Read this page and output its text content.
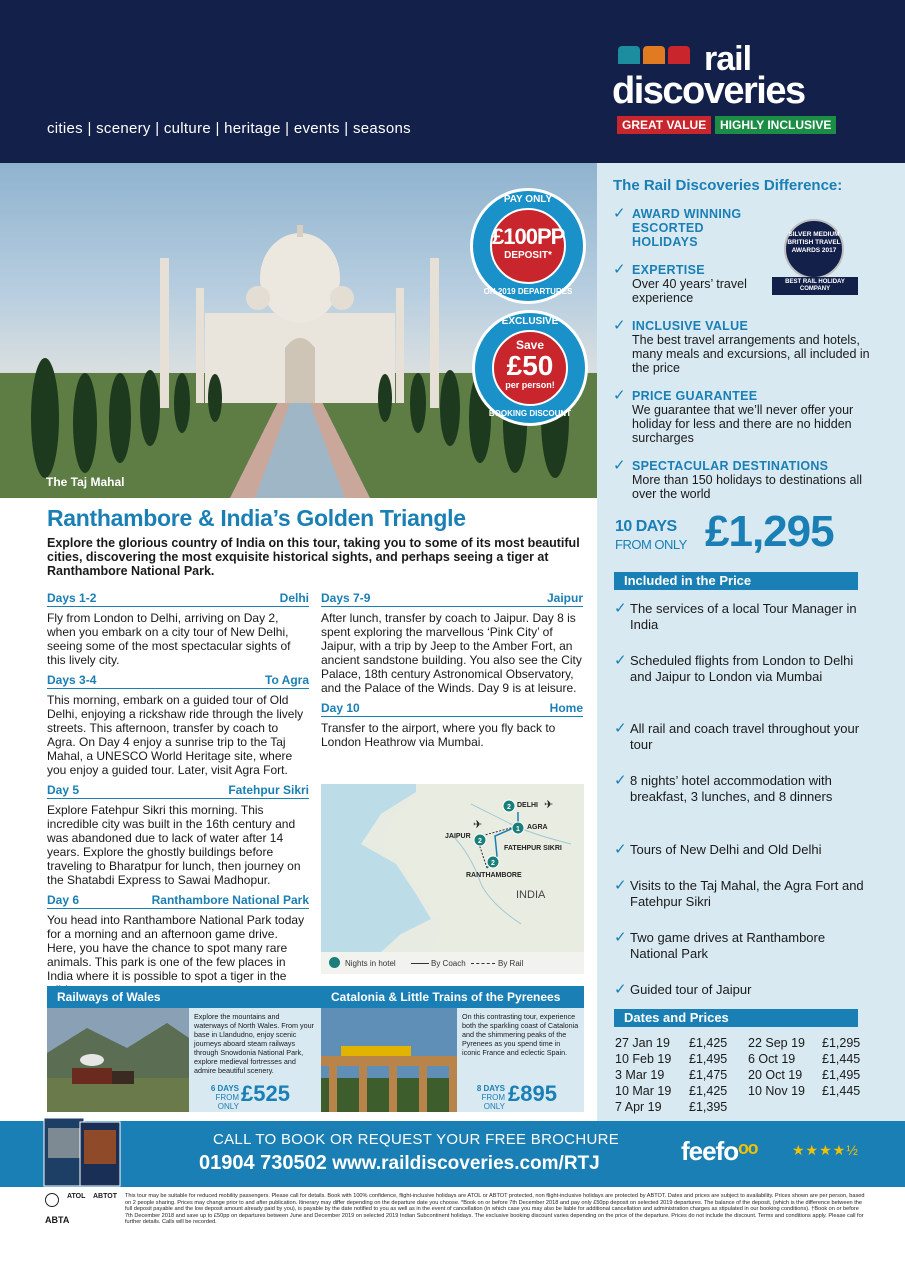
cities | scenery | culture | heritage | events | seasons
rail
discoveries
GREAT VALUE	HIGHLY INCLUSIVE
The Taj Mahal
PAY ONLY
£100PP
DEPOSIT*
ON 2019 DEPARTURES
EXCLUSIVE
Save
£50
per person!
BOOKING DISCOUNT
The Rail Discoveries Difference:
✓ AWARD WINNING ESCORTED HOLIDAYS
SILVER MEDIUM BRITISH TRAVEL AWARDS 2017
BEST RAIL HOLIDAY COMPANY
✓ EXPERTISE
Over 40 years’ travel experience
✓ INCLUSIVE VALUE
The best travel arrangements and hotels, many meals and excursions, all included in the price
✓ PRICE GUARANTEE
We guarantee that we’ll never offer your holiday for less and there are no hidden surcharges
✓ SPECTACULAR DESTINATIONS
More than 150 holidays to destinations all over the world
10 DAYS
FROM ONLY £1,295
Included in the Price
✓ The services of a local Tour Manager in India
✓ Scheduled flights from London to Delhi and Jaipur to London via Mumbai
✓ All rail and coach travel throughout your tour
✓ 8 nights’ hotel accommodation with breakfast, 3 lunches, and 8 dinners
✓ Tours of New Delhi and Old Delhi
✓ Visits to the Taj Mahal, the Agra Fort and Fatehpur Sikri
✓ Two game drives at Ranthambore National Park
✓ Guided tour of Jaipur
Dates and Prices
27 Jan 19 £1,425 22 Sep 19 £1,295
10 Feb 19 £1,495 6 Oct 19 £1,445
3 Mar 19 £1,475 20 Oct 19 £1,495
10 Mar 19 £1,425 10 Nov 19 £1,445
7 Apr 19 £1,395
Ranthambore & India’s Golden Triangle
Explore the glorious country of India on this tour, taking you to some of its most beautiful cities, discovering the most exquisite historical sights, and perhaps seeing a tiger at Ranthambore National Park.
Days 1-2	Delhi
Fly from London to Delhi, arriving on Day 2, when you embark on a city tour of New Delhi, seeing some of the most spectacular sights of this lively city.
Days 3-4	To Agra
This morning, embark on a guided tour of Old Delhi, enjoying a rickshaw ride through the lively streets. This afternoon, transfer by coach to Agra. On Day 4 enjoy a sunrise trip to the Taj Mahal, a UNESCO World Heritage site, where you enjoy a guided tour. Later, visit Agra Fort.
Day 5	Fatehpur Sikri
Explore Fatehpur Sikri this morning. This incredible city was built in the 16th century and was abandoned due to lack of water after 14 years. Explore the ghostly buildings before traveling to Bharatpur for lunch, then journey on the Shatabdi Express to Sawai Madhopur.
Day 6	Ranthambore National Park
You head into Ranthambore National Park today for a morning and an afternoon game drive. Here, you have the chance to spot many rare animals. This park is one of the few places in India where it is possible to spot a tiger in the
Days 7-9	Jaipur
After lunch, transfer by coach to Jaipur. Day 8 is spent exploring the marvellous ‘Pink City’ of Jaipur, with a trip by Jeep to the Amber Fort, an ancient sandstone building. You also see the City Palace, 18th century Astronomical Observatory, and the Palace of the Winds. Day 9 is at leisure.
Day 10	Home
Transfer to the airport, where you fly back to London Heathrow via Mumbai.
2
1
2
2
✈
✈
DELHI
AGRA
JAIPUR
FATEHPUR SIKRI
RANTHAMBORE
INDIA
Nights in hotel	By Coach	By Rail
Railways of Wales
Explore the mountains and waterways of North Wales. From your base in Llandudno, enjoy scenic journeys aboard steam railways through Snowdonia National Park, explore medieval fortresses and admire beautiful scenery.
6 DAYS
FROM ONLY
£525
Catalonia & Little Trains of the Pyrenees
On this contrasting tour, experience both the sparkling coast of Catalonia and the shimmering peaks of the Pyrenees as you spend time in iconic France and eclectic Spain.
8 DAYS
FROM ONLY
£895
CALL TO BOOK OR REQUEST YOUR FREE BROCHURE
01904 730502 www.raildiscoveries.com/RTJ	feefoᵒᵒ ★★★★½
ATOL ABTOT
ABTA
This tour may be suitable for reduced mobility passengers. Please call for details. Book with 100% confidence, flight-inclusive holidays are ATOL or ABTOT protected, non flight-inclusive holidays are protected by ABTOT. Dates and prices are subject to availability. Prices shown are per person, based on 2 people sharing. Prices may change prior to and after publication. Itinerary may differ depending on the departure date you choose. *Book on or before 7th December 2018 and pay only £50pp deposit on selected 2019 departures. The balance of the deposit, (which is the difference between the full deposit payable and the low deposit amount already paid by you), is payable by the date notified to you as well as in the event of cancellation (in which case you may also be liable for additional cancellation and administration charges as stipulated in our booking conditions). †Book on or before 7th December 2018 and save up to £50pp on departures between June and December 2019 on selected 2019 Indian Subcontinent holidays. The exclusive booking discount varies depending on the price of the departure. Prices do not include the discount. Terms and conditions apply. Please call for further details. Calls will be recorded.
